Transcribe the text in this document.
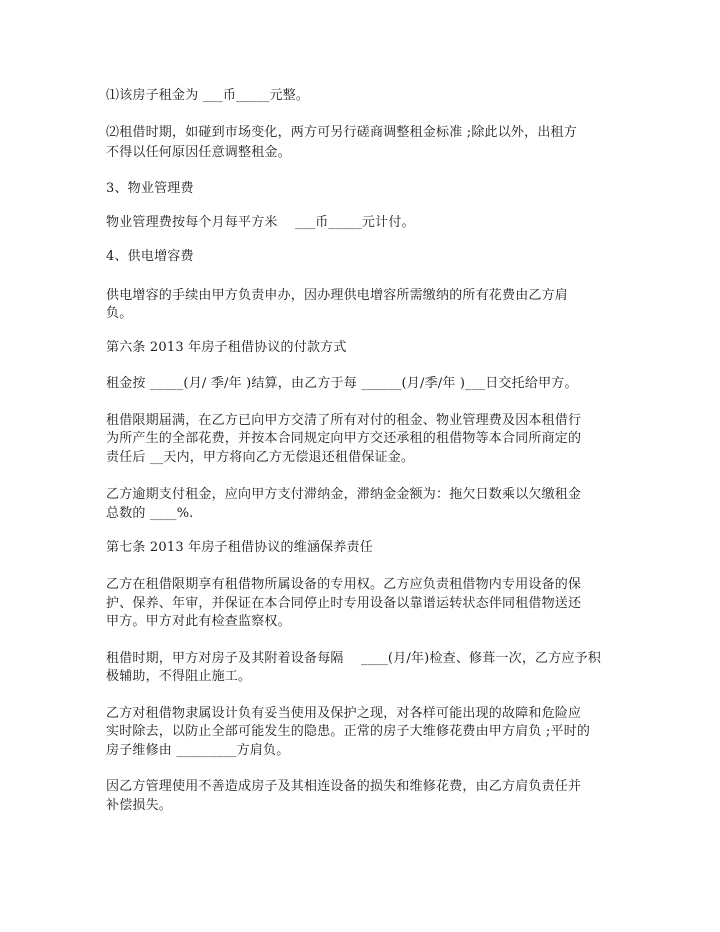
⑴该房子租金为 ___币_____元整。
⑵租借时期，如碰到市场变化，两方可另行磋商调整租金标准 ;除此以外，出租方
不得以任何原因任意调整租金。
3、物业管理费
物业管理费按每个月每平方米　 ___币_____元计付。
4、供电增容费
供电增容的手续由甲方负责申办，因办理供电增容所需缴纳的所有花费由乙方肩
负。
第六条 2013 年房子租借协议的付款方式
租金按 _____(月/ 季/年 )结算，由乙方于每 ______(月/季/年 )___日交托给甲方。
租借限期届满，在乙方已向甲方交清了所有对付的租金、物业管理费及因本租借行
为所产生的全部花费，并按本合同规定向甲方交还承租的租借物等本合同所商定的
责任后 __天内，甲方将向乙方无偿退还租借保证金。
乙方逾期支付租金，应向甲方支付滞纳金，滞纳金金额为：拖欠日数乘以欠缴租金
总数的 ____%.
第七条 2013 年房子租借协议的维涵保养责任
乙方在租借限期享有租借物所属设备的专用权。乙方应负责租借物内专用设备的保
护、保养、年审，并保证在本合同停止时专用设备以靠谱运转状态伴同租借物送还
甲方。甲方对此有检查监察权。
租借时期，甲方对房子及其附着设备每隔　 ____(月/年)检查、修葺一次，乙方应予积
极辅助，不得阻止施工。
乙方对租借物隶属设计负有妥当使用及保护之现，对各样可能出现的故障和危险应
实时除去，以防止全部可能发生的隐患。正常的房子大维修花费由甲方肩负 ;平时的
房子维修由 _________方肩负。
因乙方管理使用不善造成房子及其相连设备的损失和维修花费，由乙方肩负责任并
补偿损失。
